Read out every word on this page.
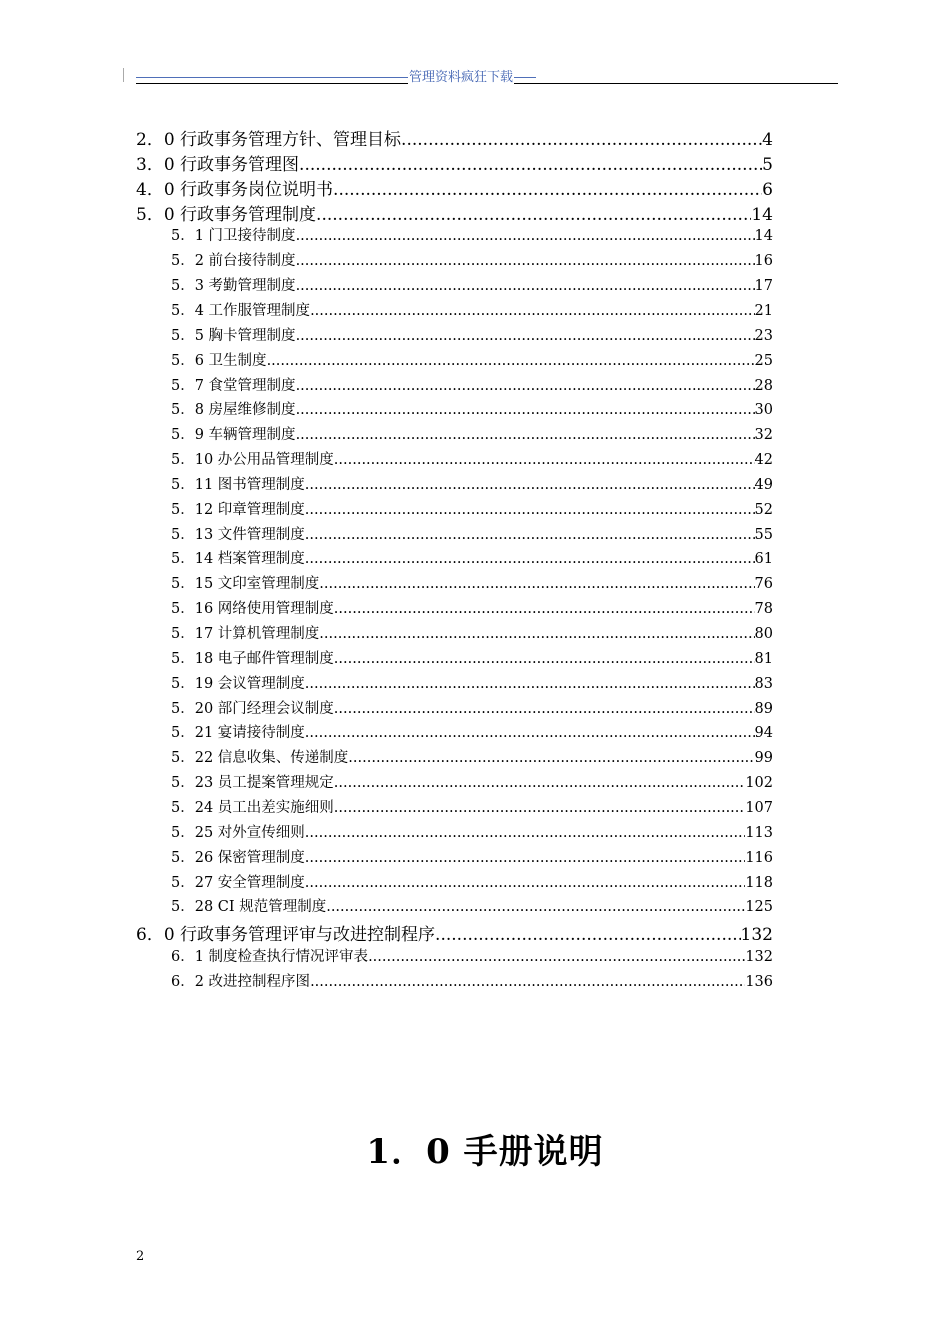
管理资料疯狂下载
2．0 行政事务管理方针、管理目标 .....	4
3．0 行政事务管理图 .....	5
4．0 行政事务岗位说明书 .....	6
5．0 行政事务管理制度 .....	14
5．1 门卫接待制度 .....	14
5．2 前台接待制度 .....	16
5．3 考勤管理制度 .....	17
5．4 工作服管理制度 .....	21
5．5 胸卡管理制度 .....	23
5．6 卫生制度 .....	25
5．7 食堂管理制度 .....	28
5．8 房屋维修制度 .....	30
5．9 车辆管理制度 .....	32
5．10 办公用品管理制度 .....	42
5．11 图书管理制度 .....	49
5．12 印章管理制度 .....	52
5．13 文件管理制度 .....	55
5．14 档案管理制度 .....	61
5．15 文印室管理制度 .....	76
5．16 网络使用管理制度 .....	78
5．17 计算机管理制度 .....	80
5．18 电子邮件管理制度 .....	81
5．19 会议管理制度 .....	83
5．20 部门经理会议制度 .....	89
5．21 宴请接待制度 .....	94
5．22 信息收集、传递制度 .....	99
5．23 员工提案管理规定 .....	102
5．24 员工出差实施细则 .....	107
5．25 对外宣传细则 .....	113
5．26 保密管理制度 .....	116
5．27 安全管理制度 .....	118
5．28 CI 规范管理制度 .....	125
6．0 行政事务管理评审与改进控制程序 .....	132
6．1 制度检查执行情况评审表 .....	132
6．2 改进控制程序图 .....	136
1．0 手册说明
2
